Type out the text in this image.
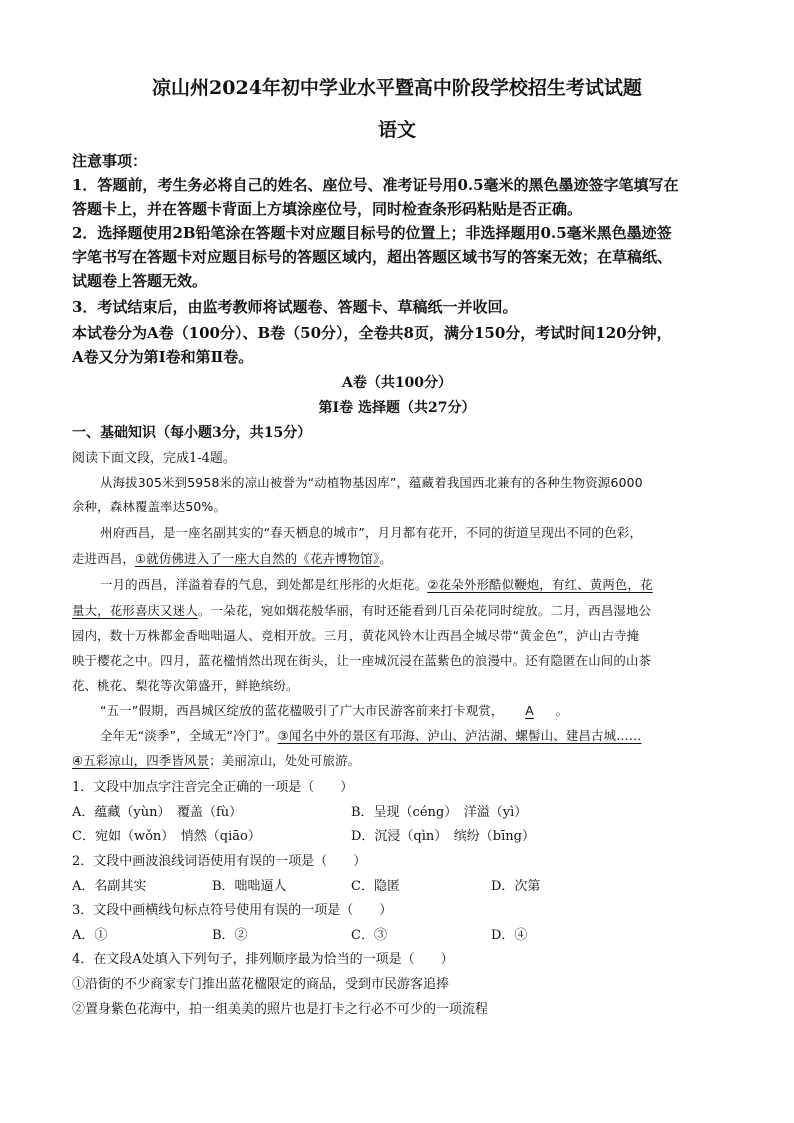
凉山州2024年初中学业水平暨高中阶段学校招生考试试题
语文
注意事项：
1．答题前，考生务必将自己的姓名、座位号、准考证号用0.5毫米的黑色墨迹签字笔填写在
答题卡上，并在答题卡背面上方填涂座位号，同时检查条形码粘贴是否正确。
2．选择题使用2B铅笔涂在答题卡对应题目标号的位置上；非选择题用0.5毫米黑色墨迹签
字笔书写在答题卡对应题目标号的答题区域内，超出答题区域书写的答案无效；在草稿纸、
试题卷上答题无效。
3．考试结束后，由监考教师将试题卷、答题卡、草稿纸一并收回。
本试卷分为A卷（100分）、B卷（50分），全卷共8页，满分150分，考试时间120分钟，
A卷又分为第Ⅰ卷和第Ⅱ卷。
A卷（共100分）
第Ⅰ卷 选择题（共27分）
一、基础知识（每小题3分，共15分）
阅读下面文段，完成1-4题。
从海拔305米到5958米的凉山被誉为“动植物基因库”，蕴藏着我国西北兼有的各种生物资源6000
余种，森林覆盖率达50%。
州府西昌，是一座名副其实的“春天栖息的城市”，月月都有花开，不同的街道呈现出不同的色彩，
走进西昌，①就仿佛进入了一座大自然的《花卉博物馆》。
一月的西昌，洋溢着春的气息，到处都是红彤彤的火炬花。②花朵外形酷似鞭炮，有红、黄两色，花
量大，花形喜庆又迷人。一朵花，宛如烟花般华丽，有时还能看到几百朵花同时绽放。二月，西昌湿地公
园内，数十万株都金香咄咄逼人、竞相开放。三月，黄花风铃木让西昌全城尽带“黄金色”，泸山古寺掩
映于樱花之中。四月，蓝花楹悄然出现在街头，让一座城沉浸在蓝紫色的浪漫中。还有隐匿在山间的山茶
花、桃花、梨花等次第盛开，鲜艳缤纷。
“五一”假期，西昌城区绽放的蓝花楹吸引了广大市民游客前来打卡观赏， A 。
全年无“淡季”，全域无“冷门”。③闻名中外的景区有邛海、泸山、泸沽湖、螺髻山、建昌古城……
④五彩凉山，四季皆风景；美丽凉山，处处可旅游。
1．文段中加点字注音完全正确的一项是（　　）
A．蕴藏（yùn）　覆盖（fù）	B．呈现（céng）　洋溢（yì）
C．宛如（wǒn）　悄然（qiāo）	D．沉浸（qìn）　缤纷（bīng）
2．文段中画波浪线词语使用有误的一项是（　　）
A．名副其实	B．咄咄逼人	C．隐匿	D．次第
3．文段中画横线句标点符号使用有误的一项是（　　）
A．①	B．②	C．③	D．④
4．在文段A处填入下列句子，排列顺序最为恰当的一项是（　　）
①沿街的不少商家专门推出蓝花楹限定的商品，受到市民游客追捧
②置身紫色花海中，拍一组美美的照片也是打卡之行必不可少的一项流程
